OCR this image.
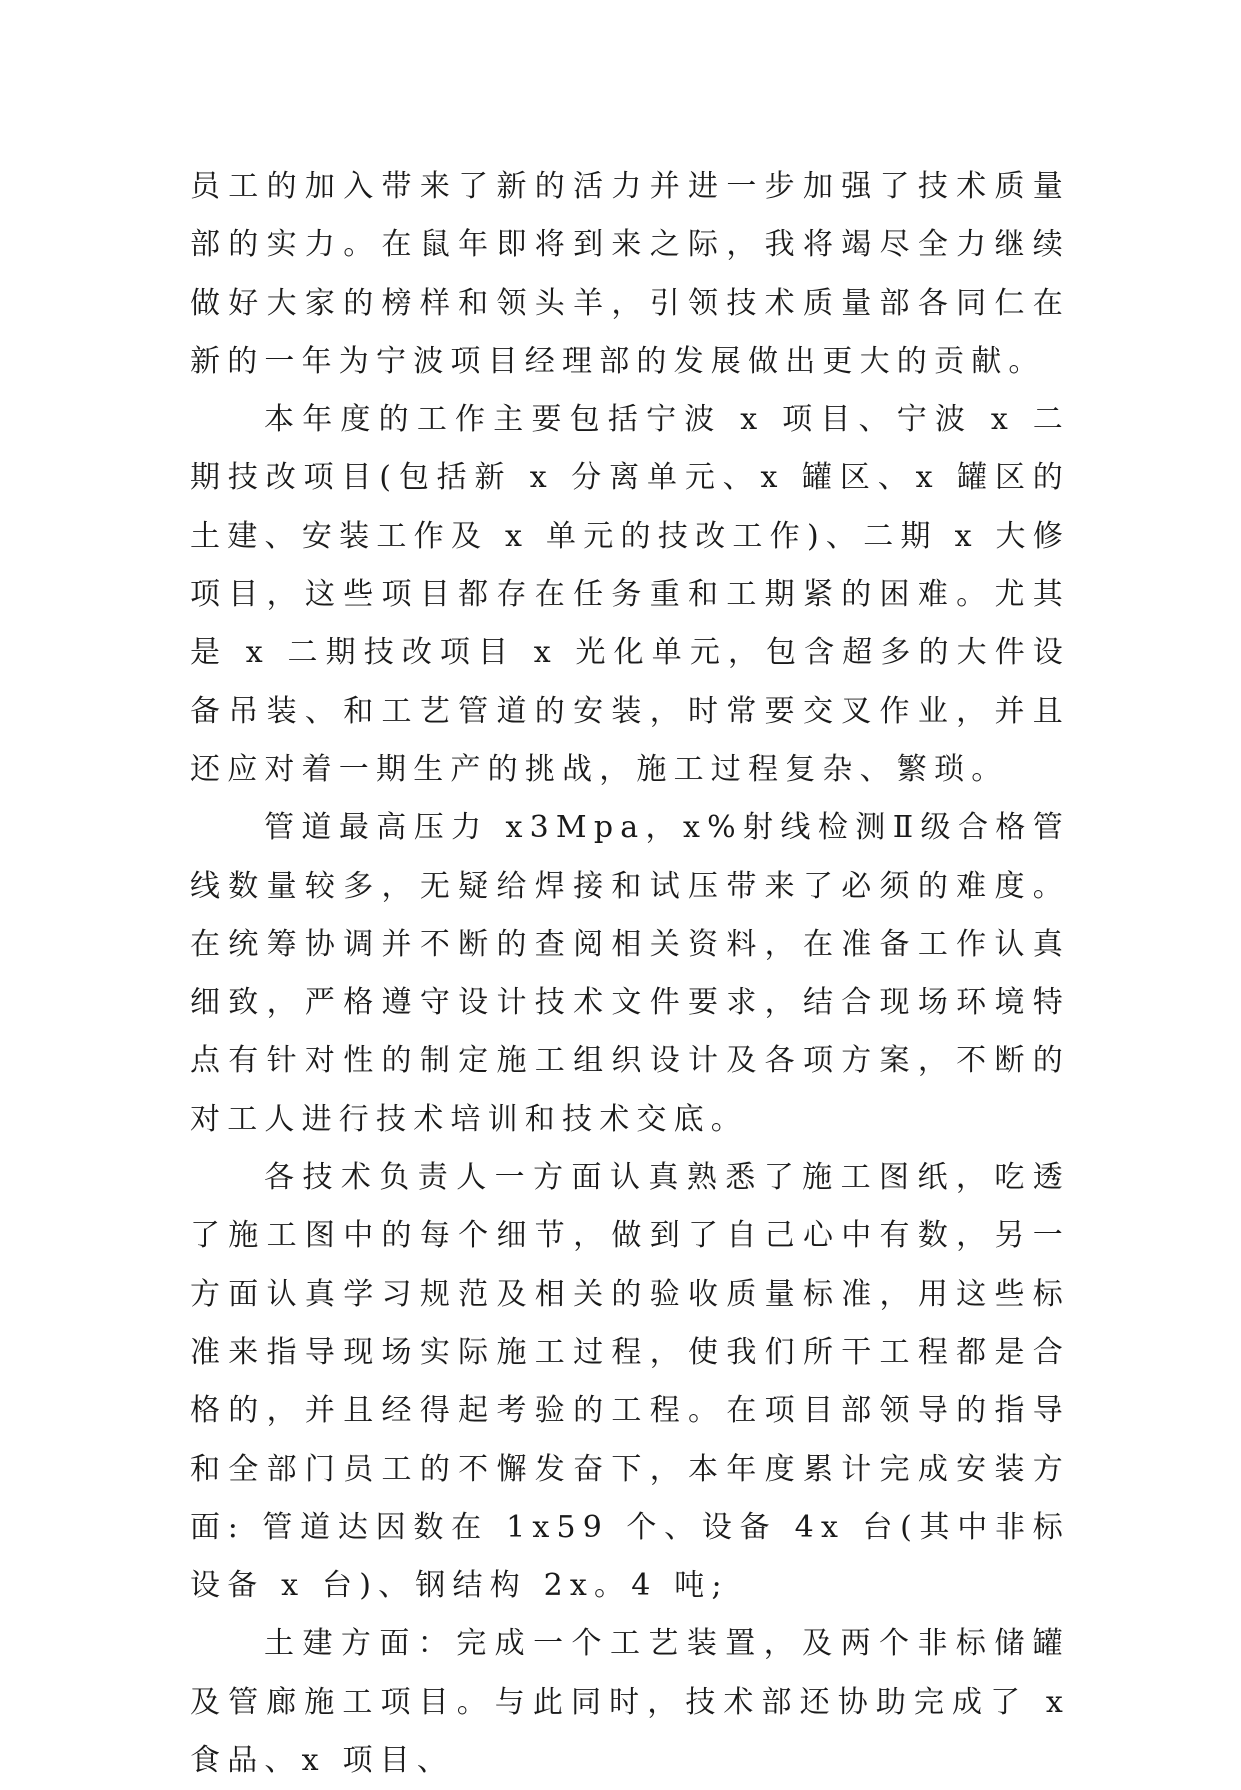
员工的加入带来了新的活力并进一步加强了技术质量部的实力。在鼠年即将到来之际，我将竭尽全力继续做好大家的榜样和领头羊，引领技术质量部各同仁在新的一年为宁波项目经理部的发展做出更大的贡献。

本年度的工作主要包括宁波 x 项目、宁波 x 二期技改项目(包括新 x 分离单元、x 罐区、x 罐区的土建、安装工作及 x 单元的技改工作)、二期 x 大修项目，这些项目都存在任务重和工期紧的困难。尤其是 x 二期技改项目 x 光化单元，包含超多的大件设备吊装、和工艺管道的安装，时常要交叉作业，并且还应对着一期生产的挑战，施工过程复杂、繁琐。

管道最高压力 x3Mpa，x%射线检测Ⅱ级合格管线数量较多，无疑给焊接和试压带来了必须的难度。在统筹协调并不断的查阅相关资料，在准备工作认真细致，严格遵守设计技术文件要求，结合现场环境特点有针对性的制定施工组织设计及各项方案，不断的对工人进行技术培训和技术交底。

各技术负责人一方面认真熟悉了施工图纸，吃透了施工图中的每个细节，做到了自己心中有数，另一方面认真学习规范及相关的验收质量标准，用这些标准来指导现场实际施工过程，使我们所干工程都是合格的，并且经得起考验的工程。在项目部领导的指导和全部门员工的不懈发奋下，本年度累计完成安装方面: 管道达因数在 1x59 个、设备 4x 台(其中非标设备 x 台)、钢结构 2x。4 吨;

土建方面：完成一个工艺装置，及两个非标储罐及管廊施工项目。与此同时，技术部还协助完成了 x 食品、x 项目、
